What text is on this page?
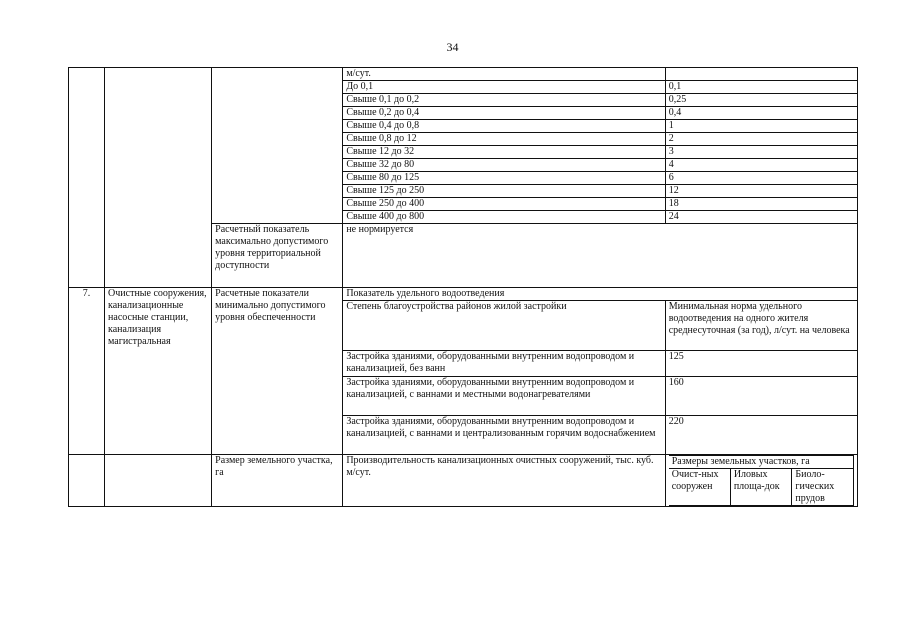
34
			м/сут.	
До 0,1	0,1
Свыше 0,1 до 0,2	0,25
Свыше 0,2 до 0,4	0,4
Свыше 0,4 до 0,8	1
Свыше 0,8 до 12	2
Свыше 12 до 32	3
Свыше 32 до 80	4
Свыше 80 до 125	6
Свыше 125 до 250	12
Свыше 250 до 400	18
Свыше 400 до 800	24
Расчетный показатель максимально допустимого уровня территориальной доступности	не нормируется
7.	Очистные сооружения, канализационные насосные станции, канализация магистральная	Расчетные показатели минимально допустимого уровня обеспеченности	Показатель удельного водоотведения
Степень благоустройства районов жилой застройки	Минимальная норма удельного водоотведения на одного жителя среднесуточная (за год), л/сут. на человека
Застройка зданиями, оборудованными внутренним водопроводом и канализацией, без ванн	125
Застройка зданиями, оборудованными внутренним водопроводом и канализацией, с ваннами и местными водонагревателями	160
Застройка зданиями, оборудованными внутренним водопроводом и канализацией, с ваннами и централизованным горячим водоснабжением	220
		Размер земельного участка, га	Производительность канализационных очистных сооружений, тыс. куб. м/сут.	
Размеры земельных участков, га
Очист-ных сооружен	Иловых площа-док	Биоло-гических прудов
